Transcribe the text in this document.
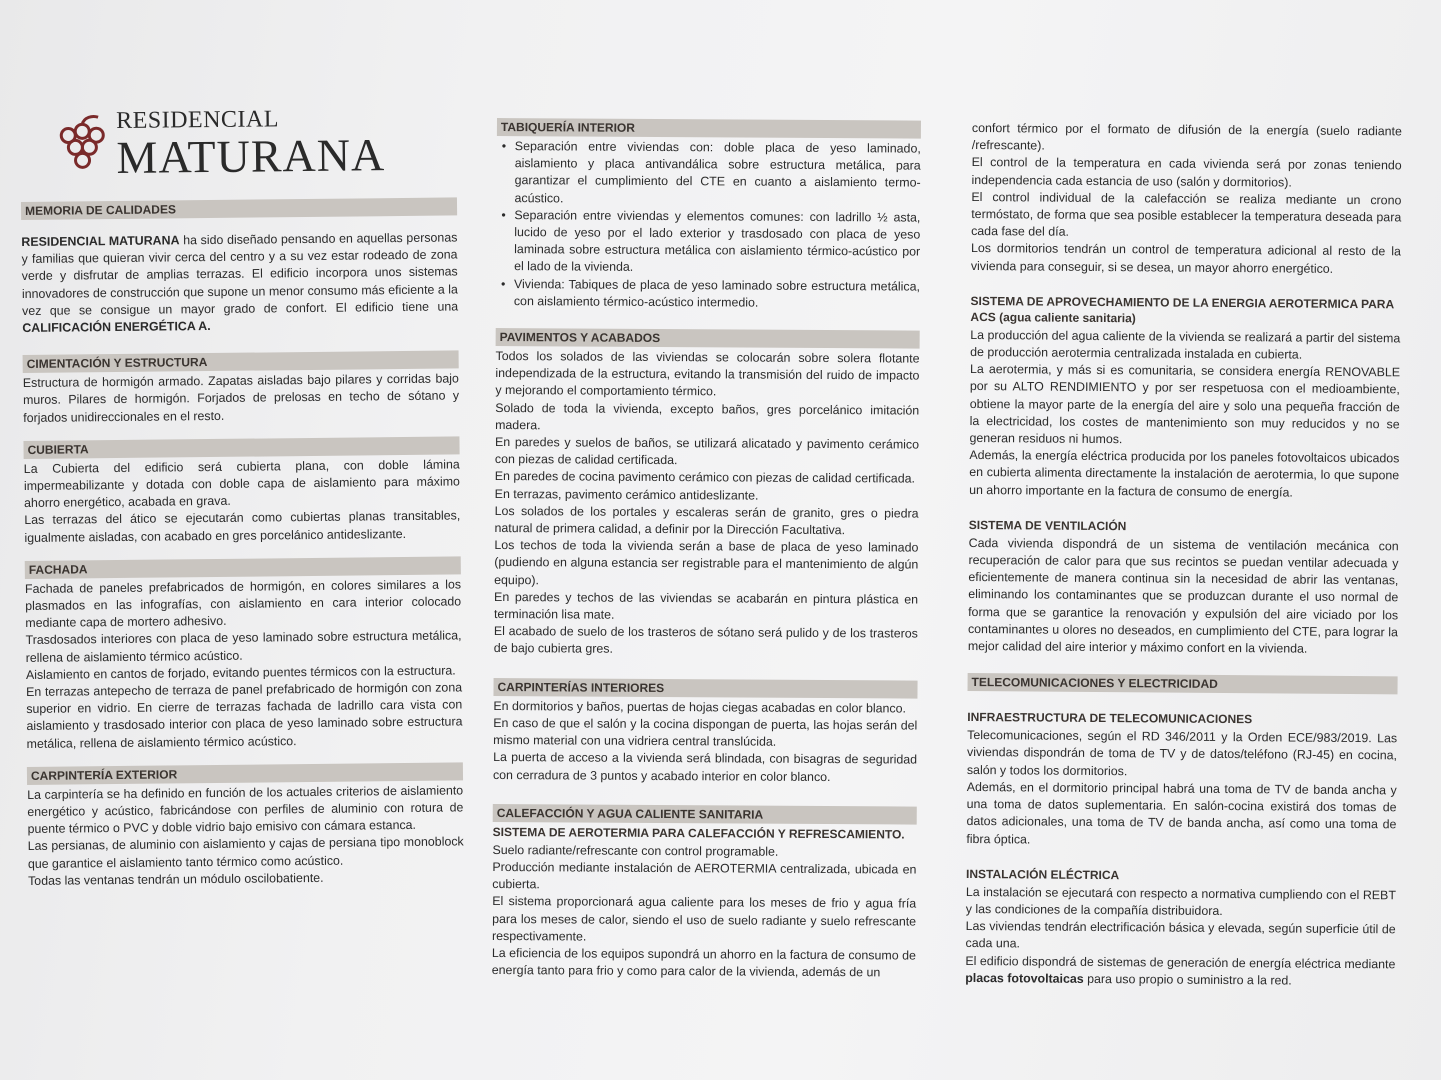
RESIDENCIAL
MATURANA
MEMORIA DE CALIDADES

RESIDENCIAL MATURANA ha sido diseñado pensando en aquellas personas y familias que quieran vivir cerca del centro y a su vez estar rodeado de zona verde y disfrutar de amplias terrazas. El edificio incorpora unos sistemas innovadores de construcción que supone un menor consumo más eficiente a la vez que se consigue un mayor grado de confort. El edificio tiene una CALIFICACIÓN ENERGÉTICA A.

CIMENTACIÓN Y ESTRUCTURA

Estructura de hormigón armado. Zapatas aisladas bajo pilares y corridas bajo muros. Pilares de hormigón. Forjados de prelosas en techo de sótano y forjados unidireccionales en el resto.

CUBIERTA

La Cubierta del edificio será cubierta plana, con doble lámina impermeabilizante y dotada con doble capa de aislamiento para máximo ahorro energético, acabada en grava.

Las terrazas del ático se ejecutarán como cubiertas planas transitables, igualmente aisladas, con acabado en gres porcelánico antideslizante.

FACHADA

Fachada de paneles prefabricados de hormigón, en colores similares a los plasmados en las infografías, con aislamiento en cara interior colocado mediante capa de mortero adhesivo.

Trasdosados interiores con placa de yeso laminado sobre estructura metálica, rellena de aislamiento térmico acústico.

Aislamiento en cantos de forjado, evitando puentes térmicos con la estructura.

En terrazas antepecho de terraza de panel prefabricado de hormigón con zona superior en vidrio. En cierre de terrazas fachada de ladrillo cara vista con aislamiento y trasdosado interior con placa de yeso laminado sobre estructura metálica, rellena de aislamiento térmico acústico.

CARPINTERÍA EXTERIOR

La carpintería se ha definido en función de los actuales criterios de aislamiento energético y acústico, fabricándose con perfiles de aluminio con rotura de puente térmico o PVC y doble vidrio bajo emisivo con cámara estanca.

Las persianas, de aluminio con aislamiento y cajas de persiana tipo monoblock que garantice el aislamiento tanto térmico como acústico.

Todas las ventanas tendrán un módulo oscilobatiente.

TABIQUERÍA INTERIOR
• Separación entre viviendas con: doble placa de yeso laminado, aislamiento y placa antivandálica sobre estructura metálica, para garantizar el cumplimiento del CTE en cuanto a aislamiento termo-acústico.
• Separación entre viviendas y elementos comunes: con ladrillo ½ asta, lucido de yeso por el lado exterior y trasdosado con placa de yeso laminada sobre estructura metálica con aislamiento térmico-acústico por el lado de la vivienda.
• Vivienda: Tabiques de placa de yeso laminado sobre estructura metálica, con aislamiento térmico-acústico intermedio.
PAVIMENTOS Y ACABADOS

Todos los solados de las viviendas se colocarán sobre solera flotante independizada de la estructura, evitando la transmisión del ruido de impacto y mejorando el comportamiento térmico.

Solado de toda la vivienda, excepto baños, gres porcelánico imitación madera.

En paredes y suelos de baños, se utilizará alicatado y pavimento cerámico con piezas de calidad certificada.

En paredes de cocina pavimento cerámico con piezas de calidad certificada.

En terrazas, pavimento cerámico antideslizante.

Los solados de los portales y escaleras serán de granito, gres o piedra natural de primera calidad, a definir por la Dirección Facultativa.

Los techos de toda la vivienda serán a base de placa de yeso laminado (pudiendo en alguna estancia ser registrable para el mantenimiento de algún equipo).

En paredes y techos de las viviendas se acabarán en pintura plástica en terminación lisa mate.

El acabado de suelo de los trasteros de sótano será pulido y de los trasteros de bajo cubierta gres.

CARPINTERÍAS INTERIORES

En dormitorios y baños, puertas de hojas ciegas acabadas en color blanco.

En caso de que el salón y la cocina dispongan de puerta, las hojas serán del mismo material con una vidriera central translúcida.

La puerta de acceso a la vivienda será blindada, con bisagras de seguridad con cerradura de 3 puntos y acabado interior en color blanco.

CALEFACCIÓN Y AGUA CALIENTE SANITARIA
SISTEMA DE AEROTERMIA PARA CALEFACCIÓN Y REFRESCAMIENTO.

Suelo radiante/refrescante con control programable.

Producción mediante instalación de AEROTERMIA centralizada, ubicada en cubierta.

El sistema proporcionará agua caliente para los meses de frio y agua fría para los meses de calor, siendo el uso de suelo radiante y suelo refrescante respectivamente.

La eficiencia de los equipos supondrá un ahorro en la factura de consumo de energía tanto para frio y como para calor de la vivienda, además de un

confort térmico por el formato de difusión de la energía (suelo radiante /refrescante).

El control de la temperatura en cada vivienda será por zonas teniendo independencia cada estancia de uso (salón y dormitorios).

El control individual de la calefacción se realiza mediante un crono termóstato, de forma que sea posible establecer la temperatura deseada para cada fase del día.

Los dormitorios tendrán un control de temperatura adicional al resto de la vivienda para conseguir, si se desea, un mayor ahorro energético.

SISTEMA DE APROVECHAMIENTO DE LA ENERGIA AEROTERMICA PARA ACS (agua caliente sanitaria)

La producción del agua caliente de la vivienda se realizará a partir del sistema de producción aerotermia centralizada instalada en cubierta.

La aerotermia, y más si es comunitaria, se considera energía RENOVABLE por su ALTO RENDIMIENTO y por ser respetuosa con el medioambiente, obtiene la mayor parte de la energía del aire y solo una pequeña fracción de la electricidad, los costes de mantenimiento son muy reducidos y no se generan residuos ni humos.

Además, la energía eléctrica producida por los paneles fotovoltaicos ubicados en cubierta alimenta directamente la instalación de aerotermia, lo que supone un ahorro importante en la factura de consumo de energía.

SISTEMA DE VENTILACIÓN

Cada vivienda dispondrá de un sistema de ventilación mecánica con recuperación de calor para que sus recintos se puedan ventilar adecuada y eficientemente de manera continua sin la necesidad de abrir las ventanas, eliminando los contaminantes que se produzcan durante el uso normal de forma que se garantice la renovación y expulsión del aire viciado por los contaminantes u olores no deseados, en cumplimiento del CTE, para lograr la mejor calidad del aire interior y máximo confort en la vivienda.

TELECOMUNICACIONES Y ELECTRICIDAD
INFRAESTRUCTURA DE TELECOMUNICACIONES

Telecomunicaciones, según el RD 346/2011 y la Orden ECE/983/2019. Las viviendas dispondrán de toma de TV y de datos/teléfono (RJ-45) en cocina, salón y todos los dormitorios.

Además, en el dormitorio principal habrá una toma de TV de banda ancha y una toma de datos suplementaria. En salón-cocina existirá dos tomas de datos adicionales, una toma de TV de banda ancha, así como una toma de fibra óptica.

INSTALACIÓN ELÉCTRICA

La instalación se ejecutará con respecto a normativa cumpliendo con el REBT y las condiciones de la compañía distribuidora.

Las viviendas tendrán electrificación básica y elevada, según superficie útil de cada una.

El edificio dispondrá de sistemas de generación de energía eléctrica mediante placas fotovoltaicas para uso propio o suministro a la red.
